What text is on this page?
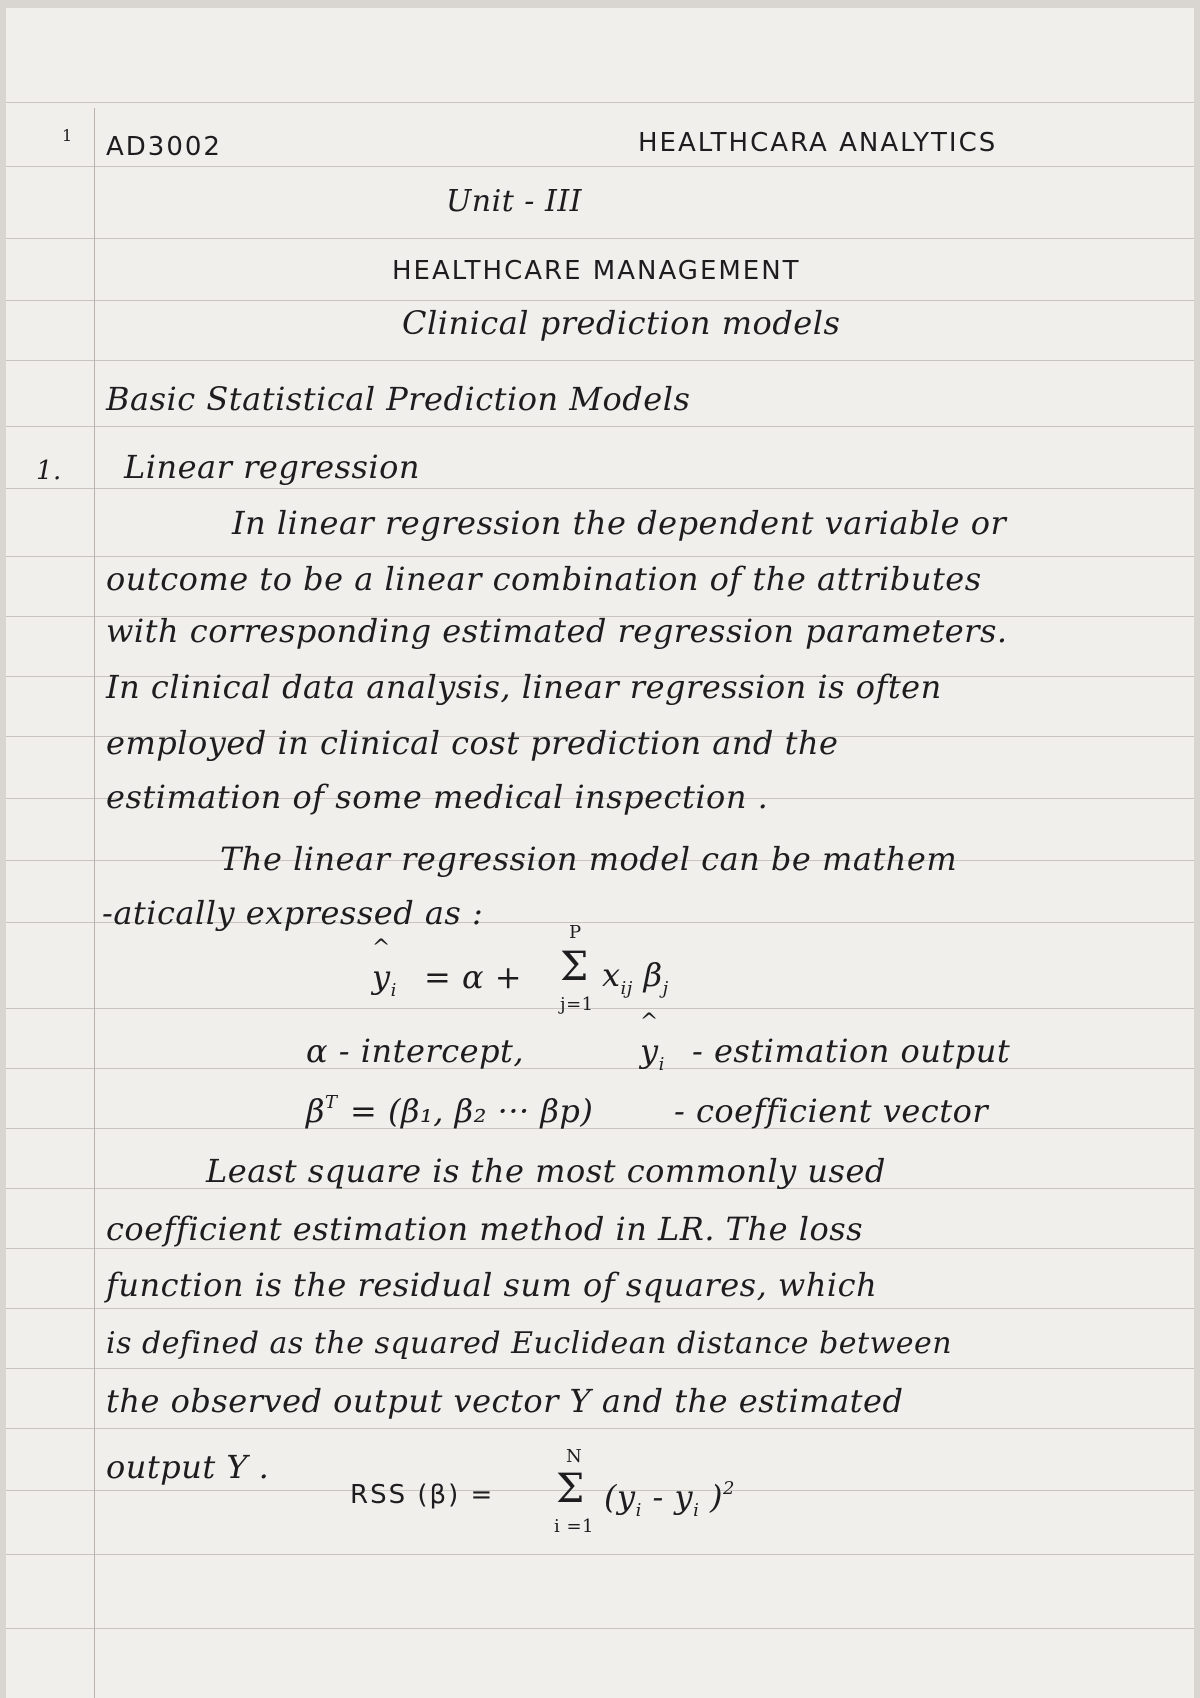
1 AD3002	HEALTHCARA ANALYTICS
Unit - III
HEALTHCARE MANAGEMENT
Clinical prediction models
Basic Statistical Prediction Models
1. Linear regression
In linear regression the dependent variable or
outcome to be a linear combination of the attributes
with corresponding estimated regression parameters.
In clinical data analysis, linear regression is often
employed in clinical cost prediction and the
estimation of some medical inspection .
The linear regression model can be mathem
-atically expressed as :
^ $y_i = \alpha$ +
P
Σ
j=1
$x_{ij}$ $\beta_j$
α - intercept,
^	$y_i$ - estimation output
$\beta^T = (\beta_1$, β₂ ··· βp)	- coefficient vector
Least square is the most commonly used
coefficient estimation method in LR. The loss
function is the residual sum of squares, which
is defined as the squared Euclidean distance between
the observed output vector Y and the estimated
output Y .
RSS (β) =
N
Σ
i =1
($y_i - y_i$ )$^2$
